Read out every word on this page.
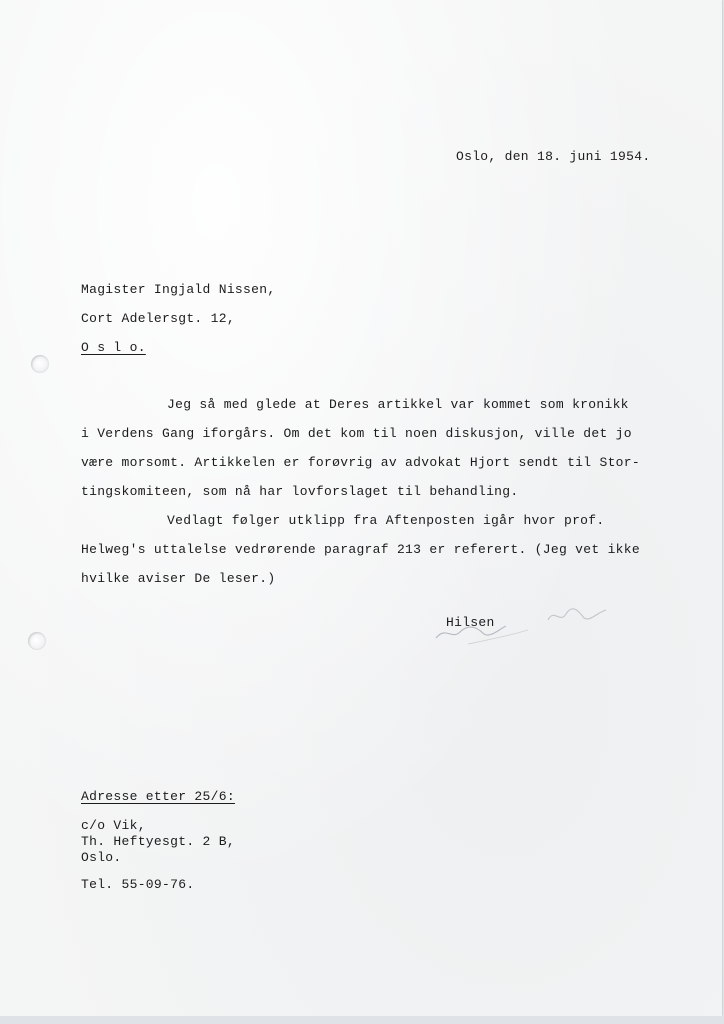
Oslo, den 18. juni 1954.
Magister Ingjald Nissen,
Cort Adelersgt. 12,
O s l o.
Jeg så med glede at Deres artikkel var kommet som kronikk
i Verdens Gang iforgårs. Om det kom til noen diskusjon, ville det jo
være morsomt. Artikkelen er forøvrig av advokat Hjort sendt til Stor-
tingskomiteen, som nå har lovforslaget til behandling.
Vedlagt følger utklipp fra Aftenposten igår hvor prof.
Helweg's uttalelse vedrørende paragraf 213 er referert. (Jeg vet ikke
hvilke aviser De leser.)
Hilsen
Adresse etter 25/6:
c/o Vik,
Th. Heftyesgt. 2 B,
Oslo.
Tel. 55-09-76.
